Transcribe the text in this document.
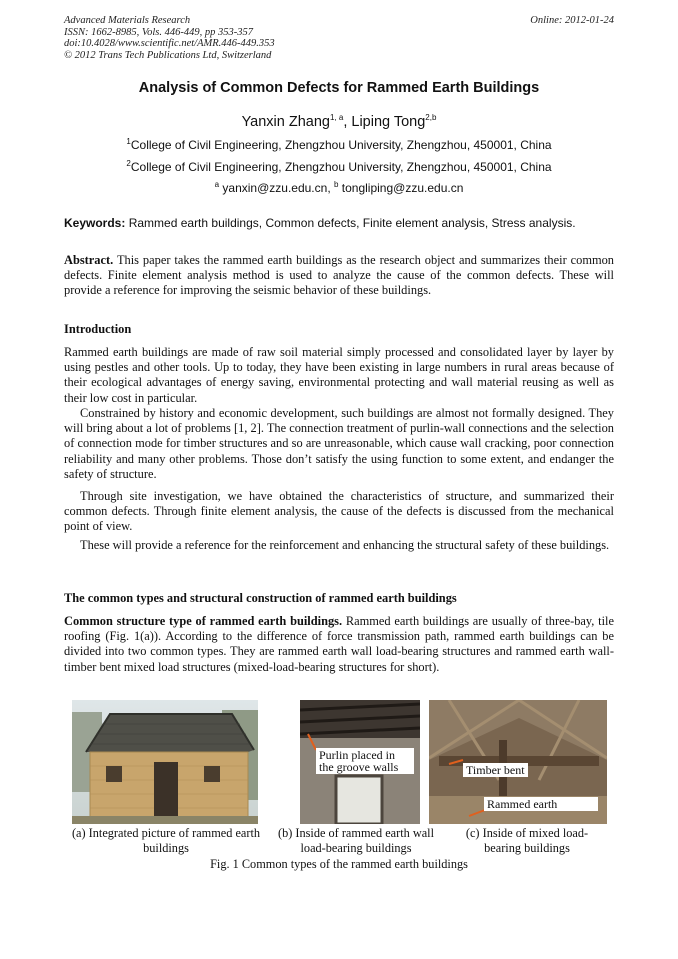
Advanced Materials Research
ISSN: 1662-8985, Vols. 446-449, pp 353-357
doi:10.4028/www.scientific.net/AMR.446-449.353
© 2012 Trans Tech Publications Ltd, Switzerland
Online: 2012-01-24
Analysis of Common Defects for Rammed Earth Buildings
Yanxin Zhang$^{1, a}$, Liping Tong$^{2,b}$
$^1$College of Civil Engineering, Zhengzhou University, Zhengzhou, 450001, China
$^2$College of Civil Engineering, Zhengzhou University, Zhengzhou, 450001, China
$^a$ yanxin@zzu.edu.cn, $^b$ tongliping@zzu.edu.cn
Keywords: Rammed earth buildings, Common defects, Finite element analysis, Stress analysis.

Abstract. This paper takes the rammed earth buildings as the research object and summarizes their common defects. Finite element analysis method is used to analyze the cause of the common defects. These will provide a reference for improving the seismic behavior of these buildings.

Introduction

Rammed earth buildings are made of raw soil material simply processed and consolidated layer by layer by using pestles and other tools. Up to today, they have been existing in large numbers in rural areas because of their ecological advantages of energy saving, environmental protecting and wall material reusing as well as their low cost in particular.

Constrained by history and economic development, such buildings are almost not formally designed. They will bring about a lot of problems [1, 2]. The connection treatment of purlin-wall connections and the selection of connection mode for timber structures and so are unreasonable, which cause wall cracking, poor connection reliability and many other problems. Those don’t satisfy the using function to some extent, and endanger the safety of structure.

Through site investigation, we have obtained the characteristics of structure, and summarized their common defects. Through finite element analysis, the cause of the defects is discussed from the mechanical point of view.

These will provide a reference for the reinforcement and enhancing the structural safety of these buildings.

The common types and structural construction of rammed earth buildings

Common structure type of rammed earth buildings. Rammed earth buildings are usually of three-bay, tile roofing (Fig. 1(a)). According to the difference of force transmission path, rammed earth buildings can be divided into two common types. They are rammed earth wall load-bearing structures and rammed earth wall-timber bent mixed load structures (mixed-load-bearing structures for short).

Purlin placed in the groove walls	Timber bent
Rammed earth
(a) Integrated picture of rammed earth buildings
(b) Inside of rammed earth wall load-bearing buildings
(c) Inside of mixed load-bearing buildings
Fig. 1 Common types of the rammed earth buildings
